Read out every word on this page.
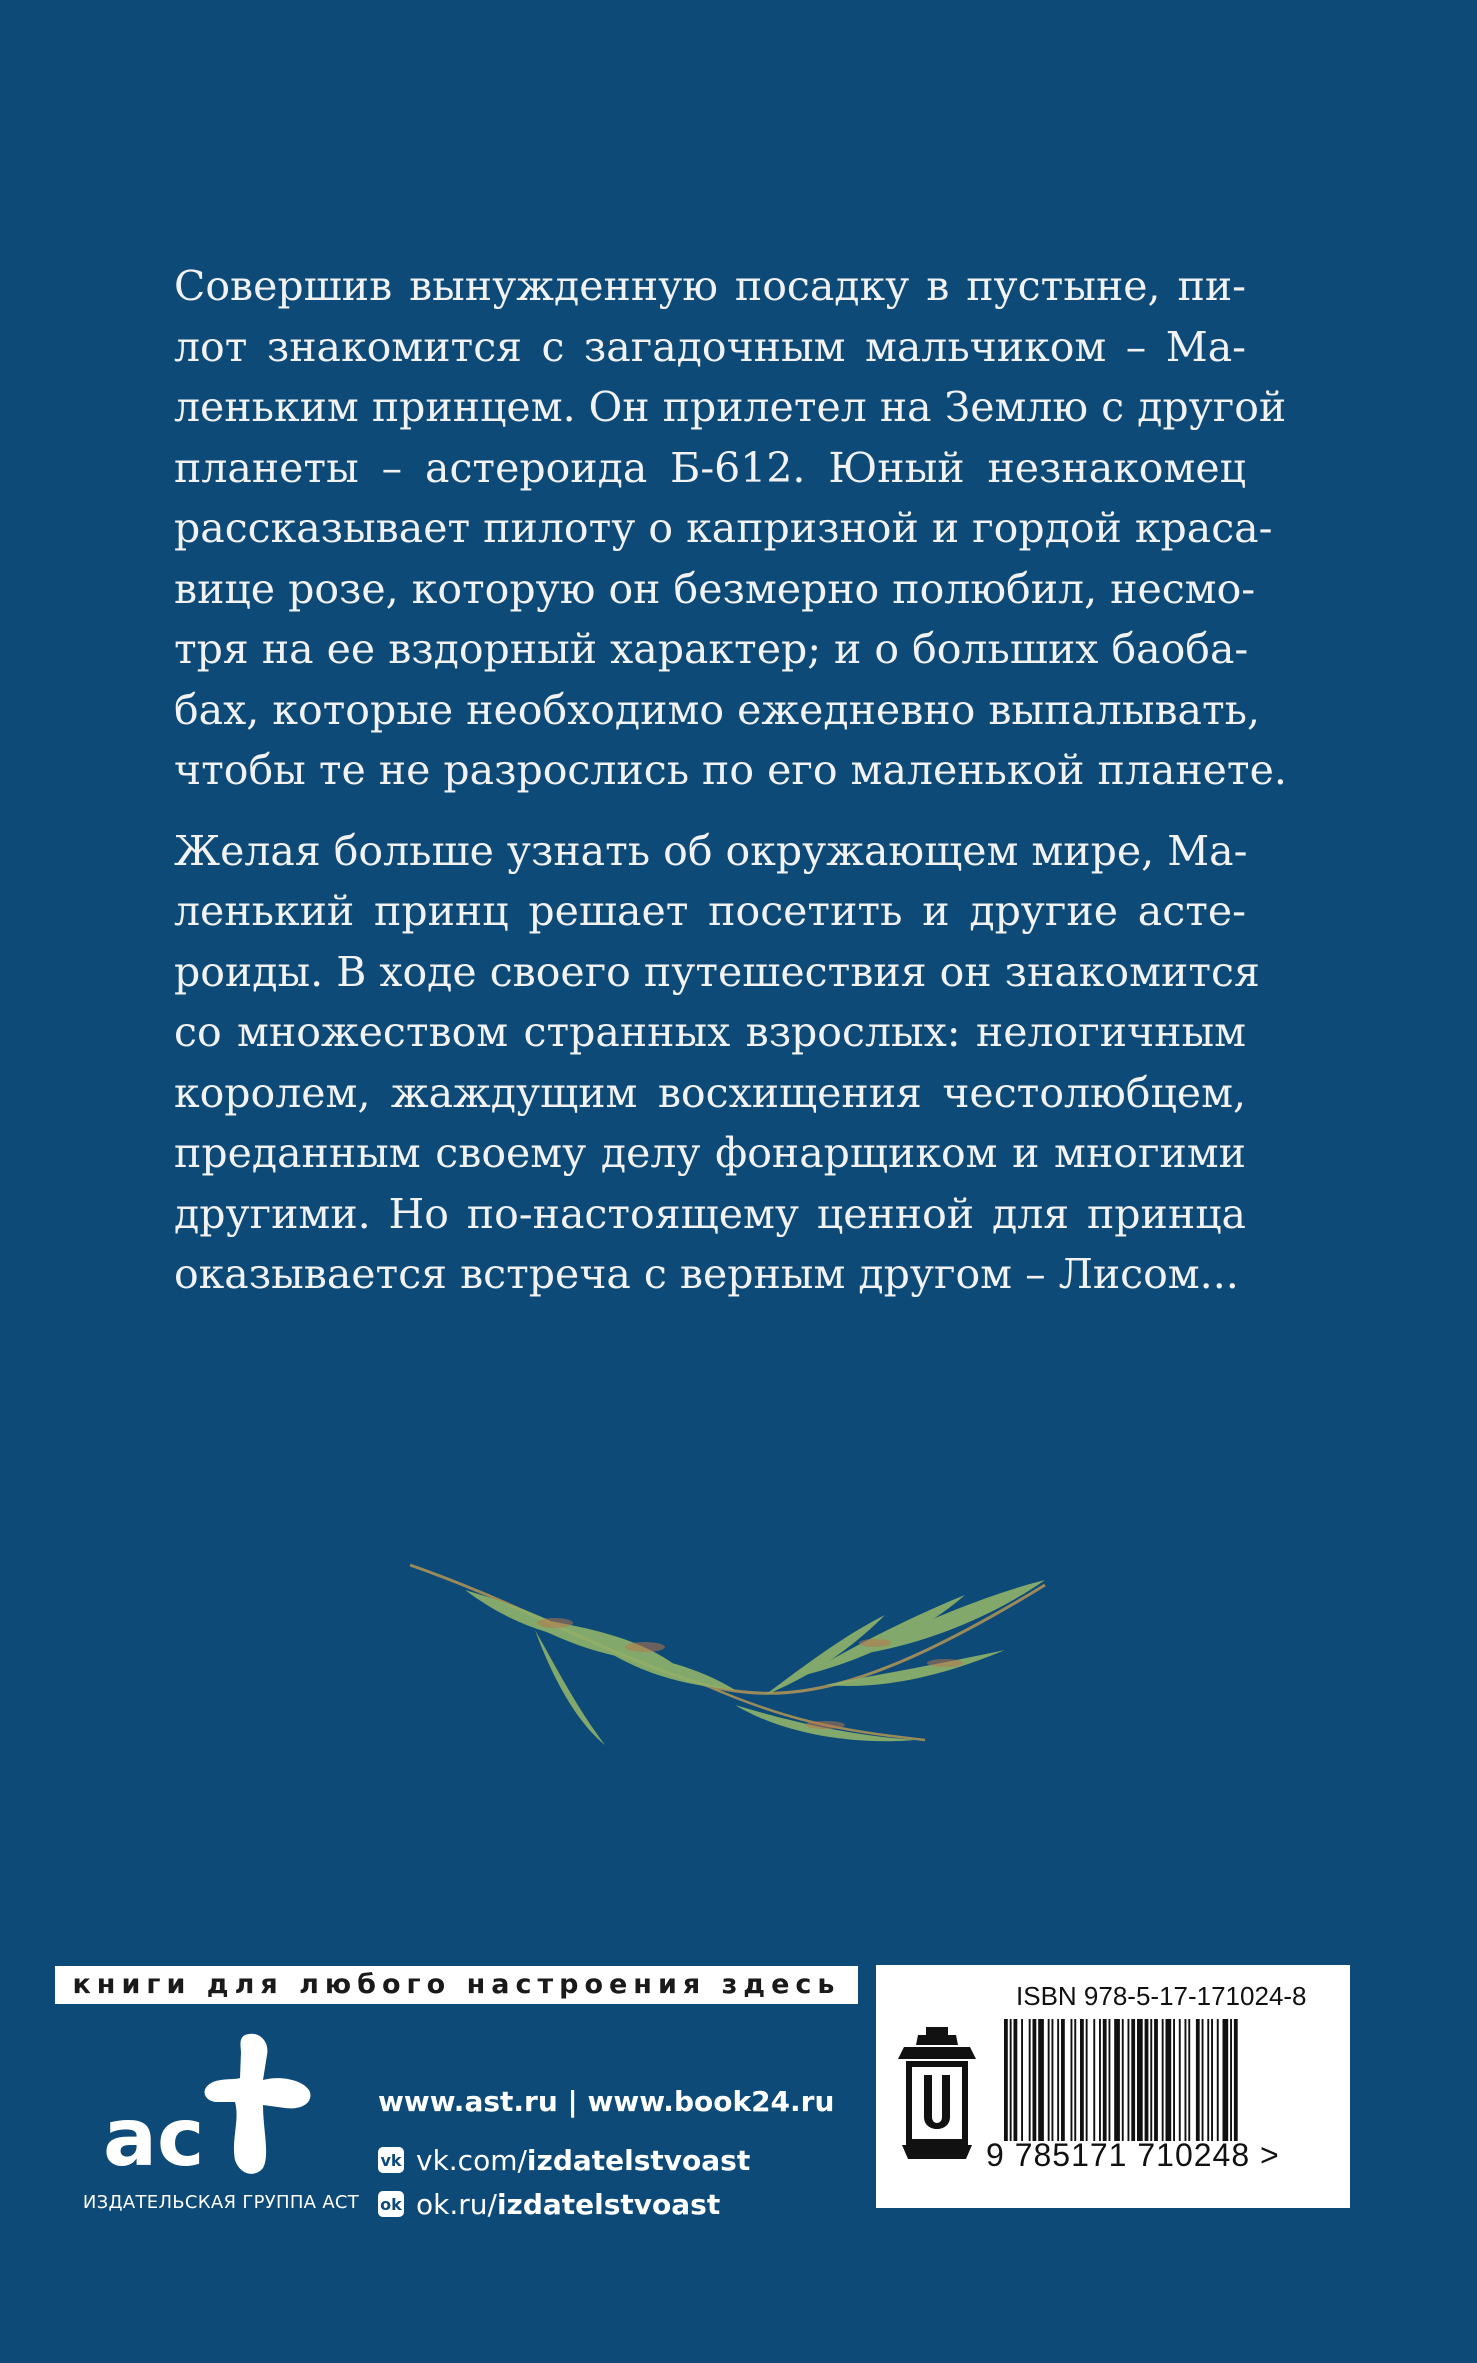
Совершив вынужденную посадку в пустыне, пи-
лот знакомится с загадочным мальчиком – Ма-
леньким принцем. Он прилетел на Землю с другой
планеты – астероида Б-612. Юный незнакомец
рассказывает пилоту о капризной и гордой краса-
вице розе, которую он безмерно полюбил, несмо-
тря на ее вздорный характер; и о больших баоба-
бах, которые необходимо ежедневно выпалывать,
чтобы те не разрослись по его маленькой планете.

Желая больше узнать об окружающем мире, Ма-
ленький принц решает посетить и другие асте-
роиды. В ходе своего путешествия он знакомится
со множеством странных взрослых: нелогичным
королем, жаждущим восхищения честолюбцем,
преданным своему делу фонарщиком и многими
другими. Но по-настоящему ценной для принца
оказывается встреча с верным другом – Лисом...

книги для любого настроения здесь
ac
ИЗДАТЕЛЬСКАЯ ГРУППА АСТ
www.ast.ru | www.book24.ru
vk vk.com/ izdatelstvoast
ok ok.ru/ izdatelstvoast
ISBN 978-5-17-171024-8
9 785171 710248 >
